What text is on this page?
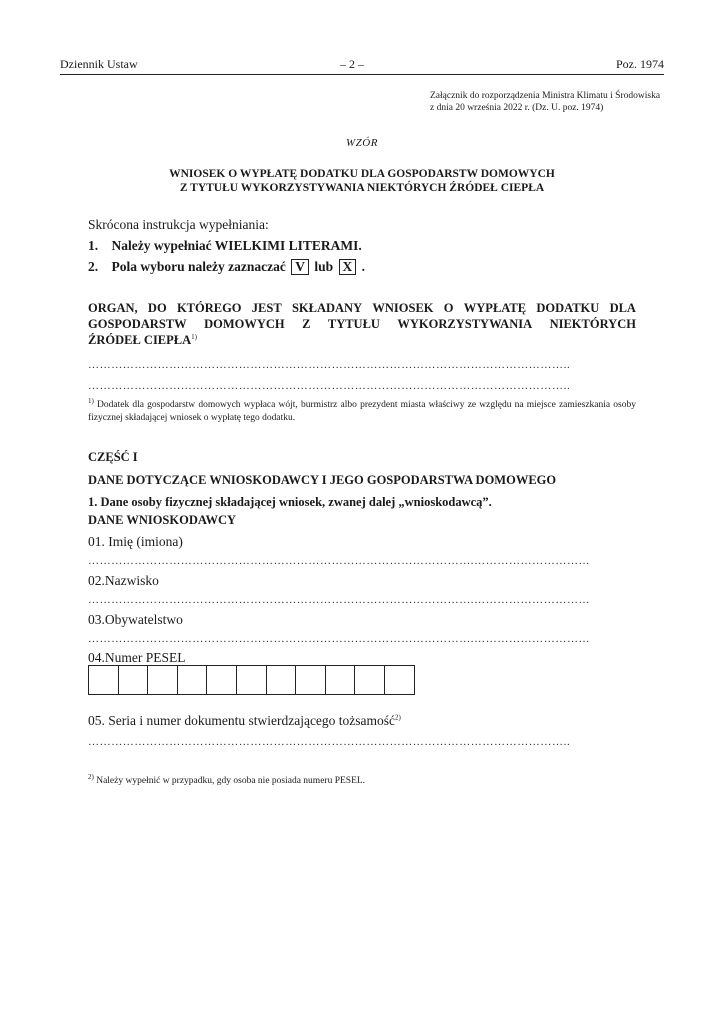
Dziennik Ustaw	– 2 –	Poz. 1974
Załącznik do rozporządzenia Ministra Klimatu i Środowiska
z dnia 20 września 2022 r. (Dz. U. poz. 1974)
WZÓR
WNIOSEK O WYPŁATĘ DODATKU DLA GOSPODARSTW DOMOWYCH
Z TYTUŁU WYKORZYSTYWANIA NIEKTÓRYCH ŹRÓDEŁ CIEPŁA
Skrócona instrukcja wypełniania:
1. Należy wypełniać WIELKIMI LITERAMI.
2. Pola wyboru należy zaznaczać V lub X .
ORGAN, DO KTÓREGO JEST SKŁADANY WNIOSEK O WYPŁATĘ DODATKU DLA
GOSPODARSTW DOMOWYCH Z TYTUŁU WYKORZYSTYWANIA NIEKTÓRYCH
ŹRÓDEŁ CIEPŁA$^{1)}$
……………………………………………………………………………………………………………..
……………………………………………………………………………………………………………..
$^{1)}$ Dodatek dla gospodarstw domowych wypłaca wójt, burmistrz albo prezydent miasta właściwy ze względu na miejsce zamieszkania osoby fizycznej składającej wniosek o wypłatę tego dodatku.
CZĘŚĆ I
DANE DOTYCZĄCE WNIOSKODAWCY I JEGO GOSPODARSTWA DOMOWEGO
1. Dane osoby fizycznej składającej wniosek, zwanej dalej „wnioskodawcą”.
DANE WNIOSKODAWCY
01. Imię (imiona)
……………………………………………………………………………………….…………………………
02.Nazwisko
……………………………………………………………………………………….…………………………
03.Obywatelstwo
……………………………………………………………………………………….…………………………
04.Numer PESEL
05. Seria i numer dokumentu stwierdzającego tożsamość$^{2)}$
……………………………………………………………………………………………………………..
$^{2)}$ Należy wypełnić w przypadku, gdy osoba nie posiada numeru PESEL.
